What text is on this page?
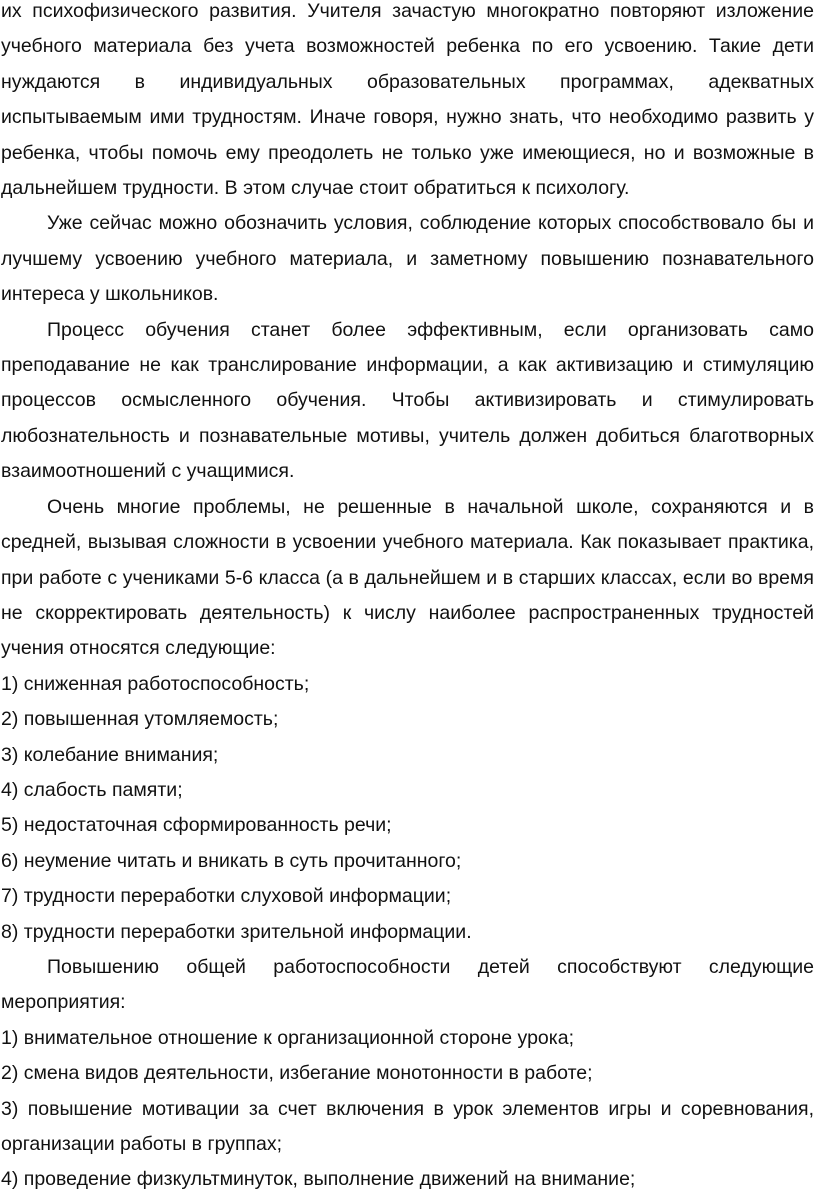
их психофизического развития. Учителя зачастую многократно повторяют изложение учебного материала без учета возможностей ребенка по его усвоению. Такие дети нуждаются в индивидуальных образовательных программах, адекватных испытываемым ими трудностям. Иначе говоря, нужно знать, что необходимо развить у ребенка, чтобы помочь ему преодолеть не только уже имеющиеся, но и возможные в дальнейшем трудности. В этом случае стоит обратиться к психологу.

Уже сейчас можно обозначить условия, соблюдение которых способствовало бы и лучшему усвоению учебного материала, и заметному повышению познавательного интереса у школьников.

Процесс обучения станет более эффективным, если организовать само преподавание не как транслирование информации, а как активизацию и стимуляцию процессов осмысленного обучения. Чтобы активизировать и стимулировать любознательность и познавательные мотивы, учитель должен добиться благотворных взаимоотношений с учащимися.

Очень многие проблемы, не решенные в начальной школе, сохраняются и в средней, вызывая сложности в усвоении учебного материала. Как показывает практика, при работе с учениками 5-6 класса (а в дальнейшем и в старших классах, если во время не скорректировать деятельность) к числу наиболее распространенных трудностей учения относятся следующие:

1) сниженная работоспособность;

2) повышенная утомляемость;

3) колебание внимания;

4) слабость памяти;

5) недостаточная сформированность речи;

6) неумение читать и вникать в суть прочитанного;

7) трудности переработки слуховой информации;

8) трудности переработки зрительной информации.

Повышению общей работоспособности детей способствуют следующие мероприятия:

1) внимательное отношение к организационной стороне урока;

2) смена видов деятельности, избегание монотонности в работе;

3) повышение мотивации за счет включения в урок элементов игры и соревнования, организации работы в группах;

4) проведение физкультминуток, выполнение движений на внимание;
